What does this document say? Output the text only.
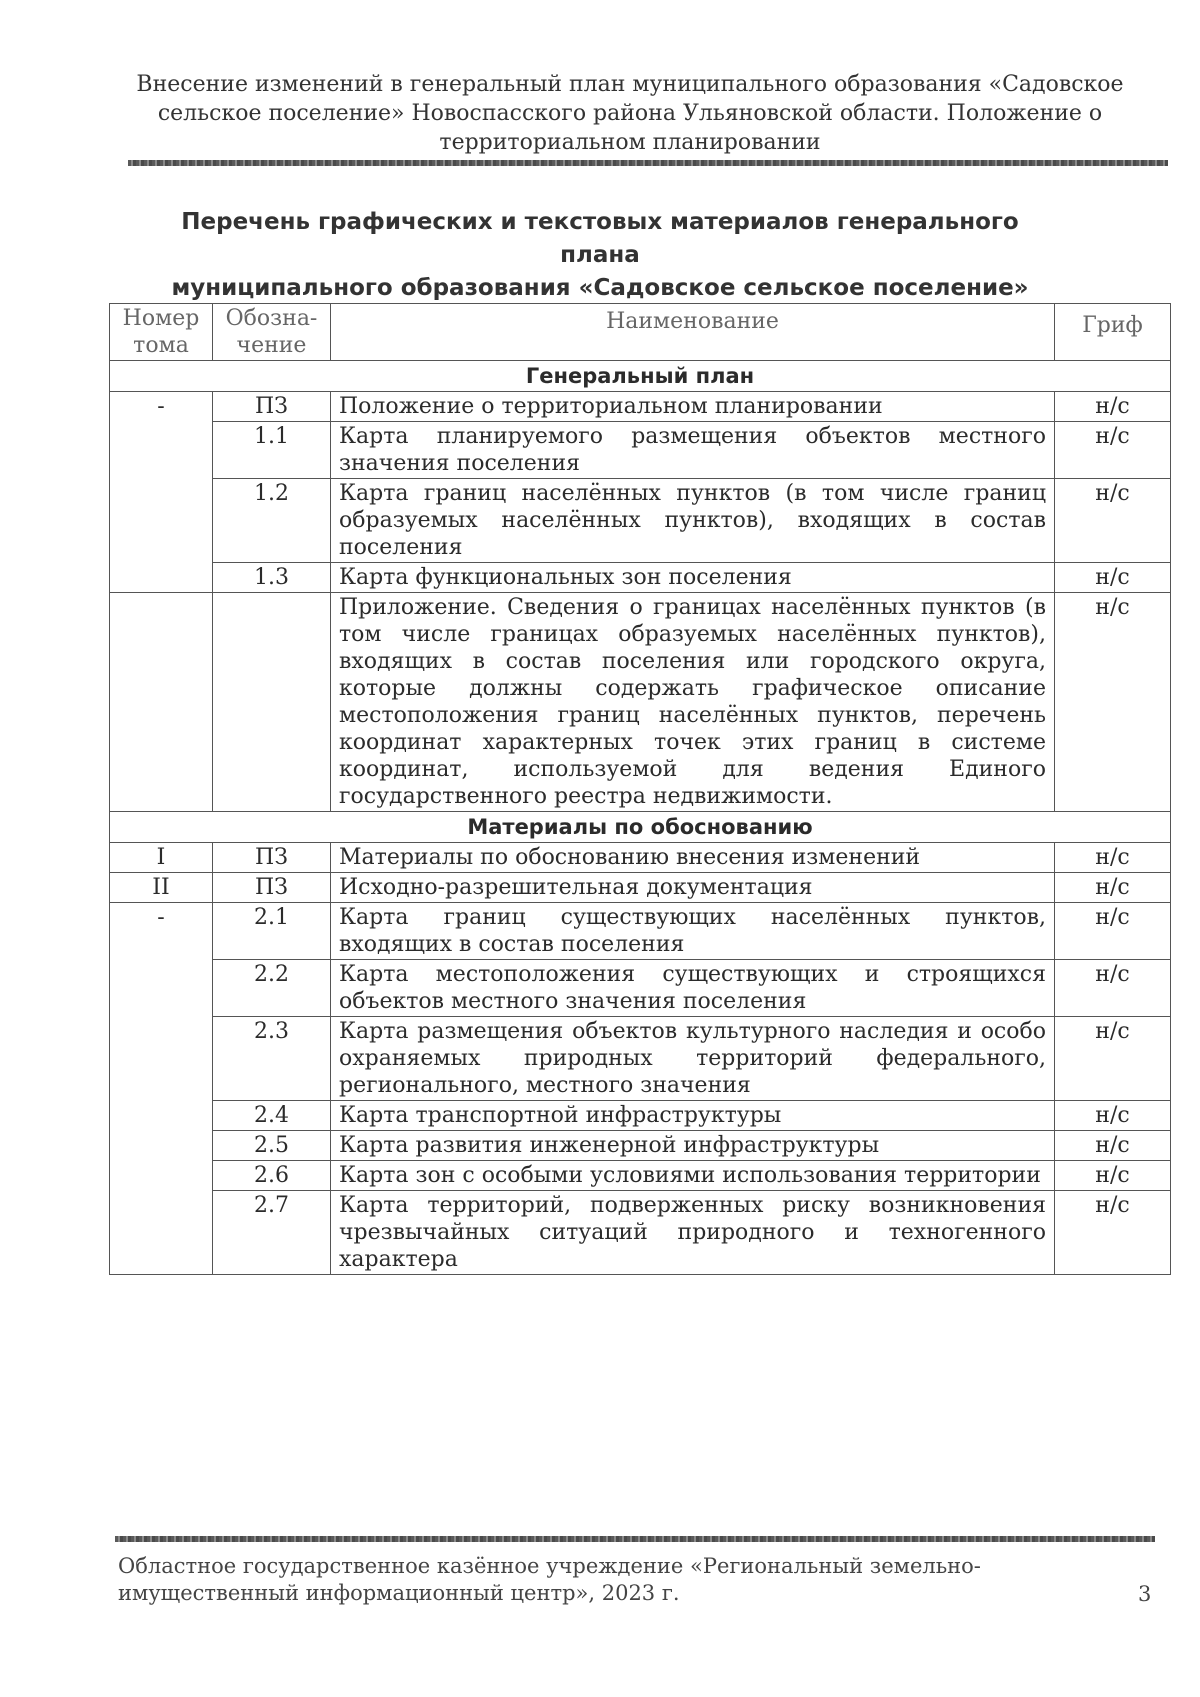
Внесение изменений в генеральный план муниципального образования «Садовское сельское поселение» Новоспасского района Ульяновской области. Положение о территориальном планировании
Перечень графических и текстовых материалов генерального плана
муниципального образования «Садовское сельское поселение»
Номер тома	Обозна-чение	Наименование	Гриф
Генеральный план			
-	ПЗ	Положение о территориальном планировании	н/с
	1.1	Карта планируемого размещения объектов местного значения поселения	н/с
	1.2	Карта границ населённых пунктов (в том числе границ образуемых населённых пунктов), входящих в состав поселения	н/с
	1.3	Карта функциональных зон поселения	н/с
		Приложение. Сведения о границах населённых пунктов (в том числе границах образуемых населённых пунктов), входящих в состав поселения или городского округа, которые должны содержать графическое описание местоположения границ населённых пунктов, перечень координат характерных точек этих границ в системе координат, используемой для ведения Единого государственного реестра недвижимости.	н/с
Материалы по обоснованию			
I	ПЗ	Материалы по обоснованию внесения изменений	н/с
II	ПЗ	Исходно-разрешительная документация	н/с
-	2.1	Карта границ существующих населённых пунктов, входящих в состав поселения	н/с
	2.2	Карта местоположения существующих и строящихся объектов местного значения поселения	н/с
	2.3	Карта размещения объектов культурного наследия и особо охраняемых природных территорий федерального, регионального, местного значения	н/с
	2.4	Карта транспортной инфраструктуры	н/с
	2.5	Карта развития инженерной инфраструктуры	н/с
	2.6	Карта зон с особыми условиями использования территории	н/с
	2.7	Карта территорий, подверженных риску возникновения чрезвычайных ситуаций природного и техногенного характера	н/с
Областное государственное казённое учреждение «Региональный земельно-имущественный информационный центр», 2023 г.	3
